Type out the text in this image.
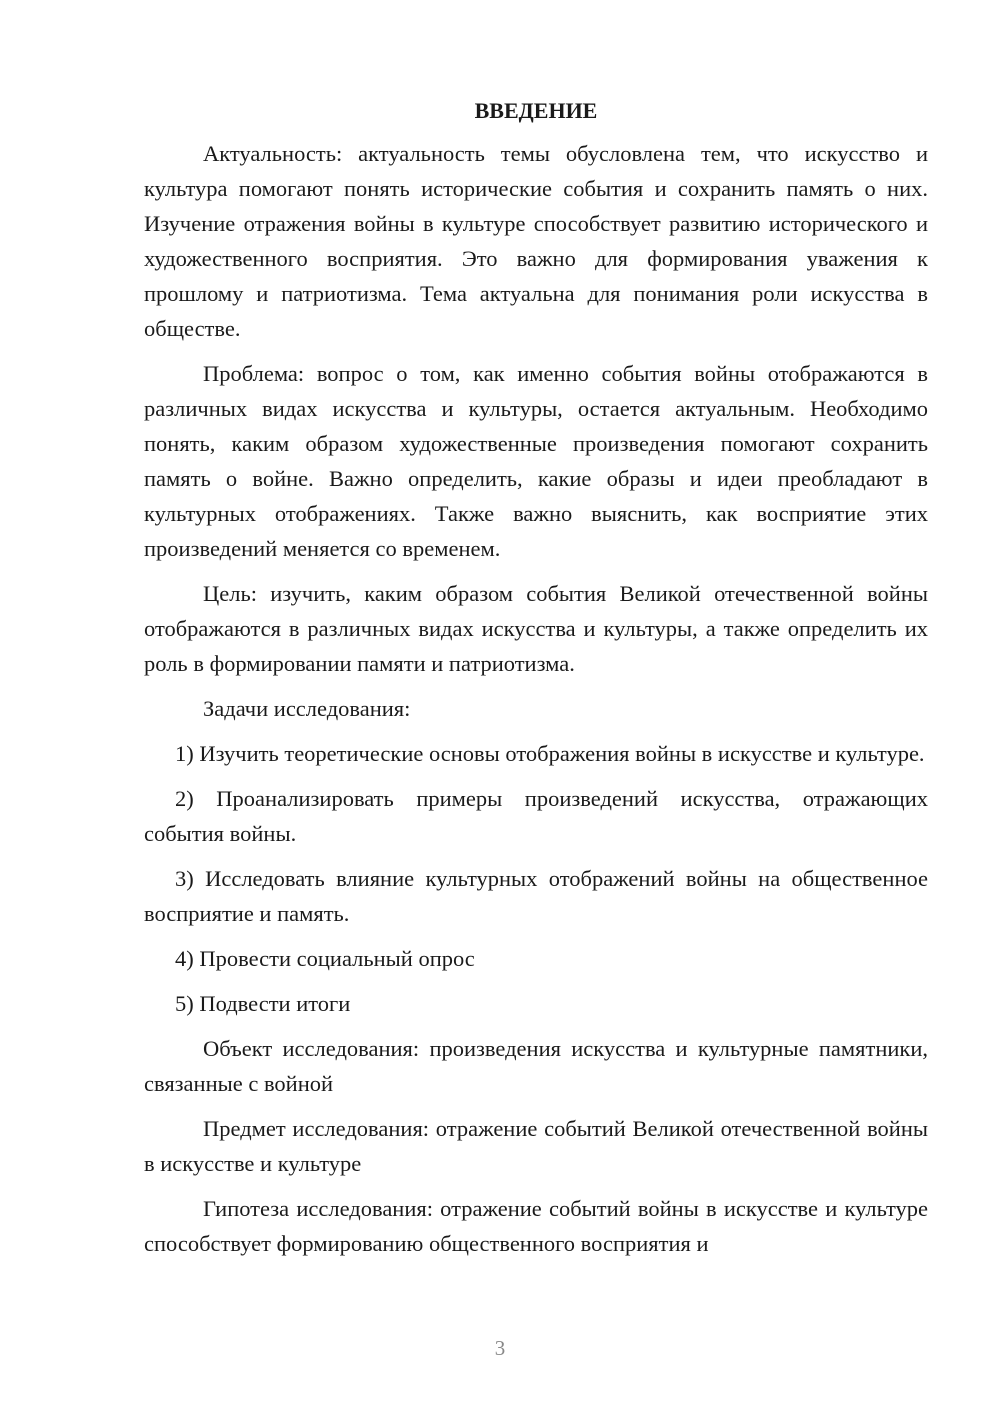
ВВЕДЕНИЕ

Актуальность: актуальность темы обусловлена тем, что искусство и культура помогают понять исторические события и сохранить память о них. Изучение отражения войны в культуре способствует развитию исторического и художественного восприятия. Это важно для формирования уважения к прошлому и патриотизма. Тема актуальна для понимания роли искусства в обществе.

Проблема: вопрос о том, как именно события войны отображаются в различных видах искусства и культуры, остается актуальным. Необходимо понять, каким образом художественные произведения помогают сохранить память о войне. Важно определить, какие образы и идеи преобладают в культурных отображениях. Также важно выяснить, как восприятие этих произведений меняется со временем.

Цель: изучить, каким образом события Великой отечественной войны отображаются в различных видах искусства и культуры, а также определить их роль в формировании памяти и патриотизма.

Задачи исследования:

1) Изучить теоретические основы отображения войны в искусстве и культуре.

2) Проанализировать примеры произведений искусства, отражающих события войны.

3) Исследовать влияние культурных отображений войны на общественное восприятие и память.

4) Провести социальный опрос

5) Подвести итоги

Объект исследования: произведения искусства и культурные памятники, связанные с войной

Предмет исследования: отражение событий Великой отечественной войны в искусстве и культуре

Гипотеза исследования: отражение событий войны в искусстве и культуре способствует формированию общественного восприятия и

3
